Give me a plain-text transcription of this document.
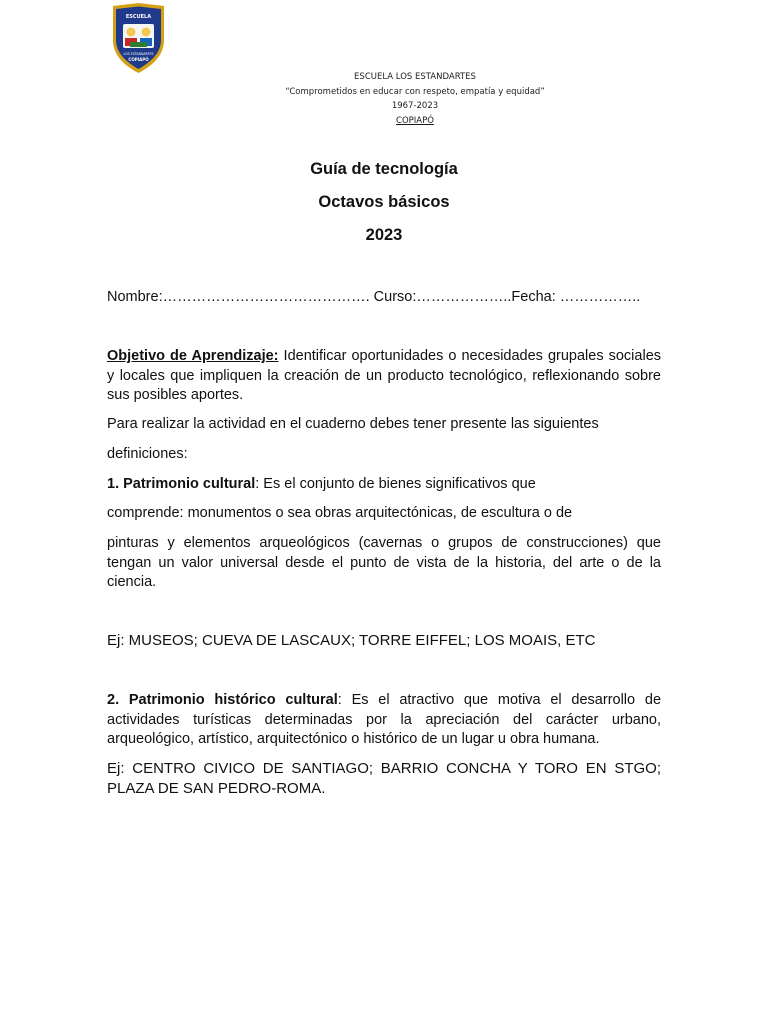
ESCUELA
LOS ESTANDARTES
COPIAPÓ
ESCUELA LOS ESTANDARTES
“Comprometidos en educar con respeto, empatía y equidad”
1967-2023
COPIAPÓ
Guía de tecnología
Octavos básicos
2023
Nombre:……………………………………. Curso:………………..Fecha: ……………..
Objetivo de Aprendizaje: Identificar oportunidades o necesidades grupales sociales y locales que impliquen la creación de un producto tecnológico, reflexionando sobre sus posibles aportes.
Para realizar la actividad en el cuaderno debes tener presente las siguientes
definiciones:
1. Patrimonio cultural: Es el conjunto de bienes significativos que
comprende: monumentos o sea obras arquitectónicas, de escultura o de
pinturas y elementos arqueológicos (cavernas o grupos de construcciones) que tengan un valor universal desde el punto de vista de la historia, del arte o de la ciencia.
Ej: MUSEOS; CUEVA DE LASCAUX; TORRE EIFFEL; LOS MOAIS, ETC
2. Patrimonio histórico cultural: Es el atractivo que motiva el desarrollo de actividades turísticas determinadas por la apreciación del carácter urbano, arqueológico, artístico, arquitectónico o histórico de un lugar u obra humana.
Ej: CENTRO CIVICO DE SANTIAGO; BARRIO CONCHA Y TORO EN STGO; PLAZA DE SAN PEDRO-ROMA.
